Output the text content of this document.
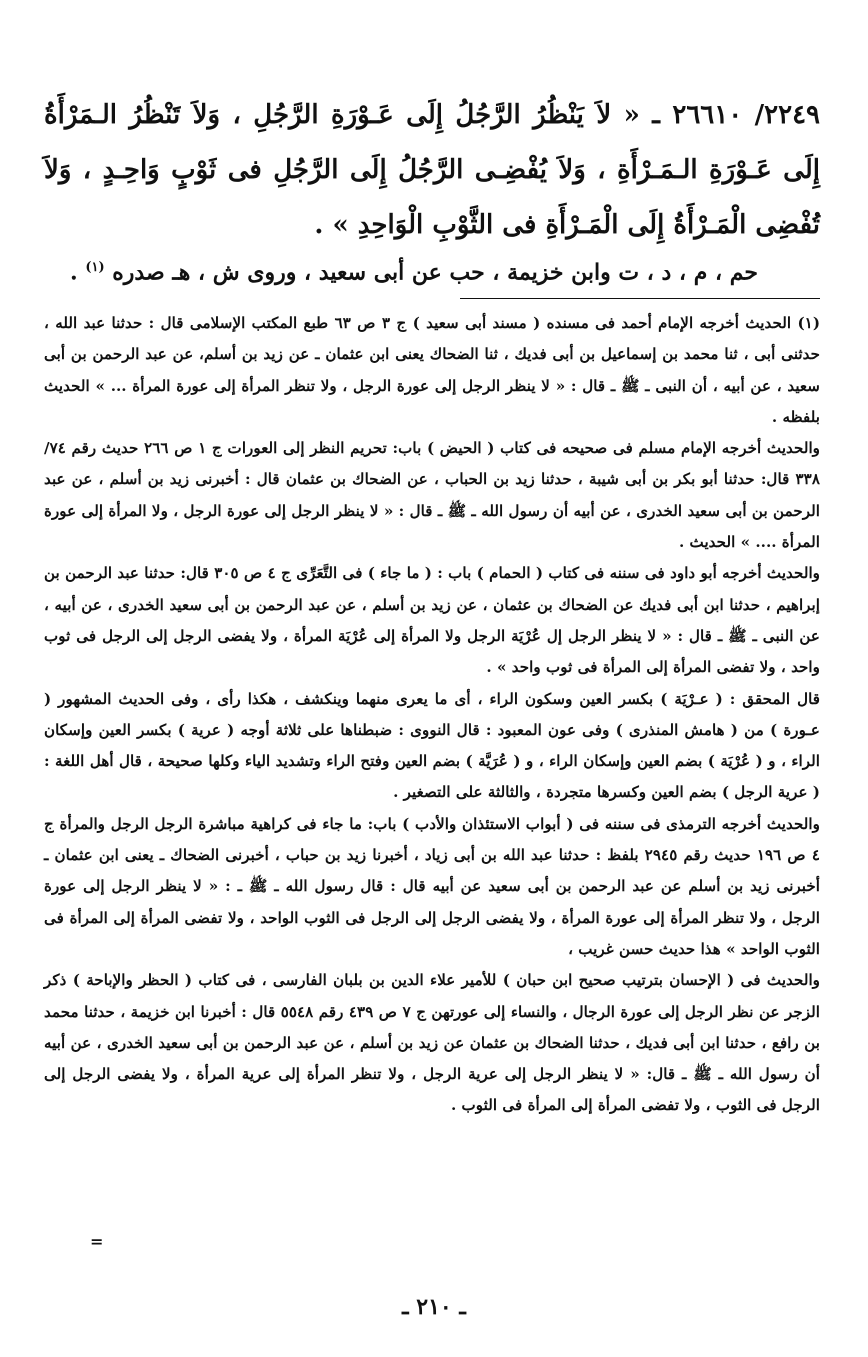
٢٢٤٩/ ٢٦٦١٠ ـ « لاَ يَنْظُرُ الرَّجُلُ إِلَى عَـوْرَةِ الرَّجُلِ ، وَلاَ تَنْظُرُ الـمَرْأَةُ إِلَى عَـوْرَةِ الـمَـرْأَةِ ، وَلاَ يُفْضِـى الرَّجُلُ إِلَى الرَّجُلِ فى ثَوْبٍ وَاحِـدٍ ، وَلاَ تُفْضِى الْمَـرْأَةُ إِلَى الْمَـرْأَةِ فى الثَّوْبِ الْوَاحِدِ » .
حم ، م ، د ، ت وابن خزيمة ، حب عن أبى سعيد ، وروى ش ، هـ صدره $^{(١)}$ .

(١) الحديث أخرجه الإمام أحمد فى مسنده ( مسند أبى سعيد ) ج ٣ ص ٦٣ طبع المكتب الإسلامى قال : حدثنا عبد الله ، حدثنى أبى ، ثنا محمد بن إسماعيل بن أبى فديك ، ثنا الضحاك يعنى ابن عثمان ـ عن زيد بن أسلم، عن عبد الرحمن بن أبى سعيد ، عن أبيه ، أن النبى ـ ﷺ ـ قال : « لا ينظر الرجل إلى عورة الرجل ، ولا تنظر المرأة إلى عورة المرأة ... » الحديث بلفظه .

والحديث أخرجه الإمام مسلم فى صحيحه فى كتاب ( الحيض ) باب: تحريم النظر إلى العورات ج ١ ص ٢٦٦ حديث رقم ٧٤/ ٣٣٨ قال: حدثنا أبو بكر بن أبى شيبة ، حدثنا زيد بن الحباب ، عن الضحاك بن عثمان قال : أخبرنى زيد بن أسلم ، عن عبد الرحمن بن أبى سعيد الخدرى ، عن أبيه أن رسول الله ـ ﷺ ـ قال : « لا ينظر الرجل إلى عورة الرجل ، ولا المرأة إلى عورة المرأة .... » الحديث .

والحديث أخرجه أبو داود فى سننه فى كتاب ( الحمام ) باب : ( ما جاء ) فى التَّعَرِّى ج ٤ ص ٣٠٥ قال: حدثنا عبد الرحمن بن إبراهيم ، حدثنا ابن أبى فديك عن الضحاك بن عثمان ، عن زيد بن أسلم ، عن عبد الرحمن بن أبى سعيد الخدرى ، عن أبيه ، عن النبى ـ ﷺ ـ قال : « لا ينظر الرجل إل عُرْيَة الرجل ولا المرأة إلى عُرْيَة المرأة ، ولا يفضى الرجل إلى الرجل فى ثوب واحد ، ولا تفضى المرأة إلى المرأة فى ثوب واحد » .

قال المحقق : ( عـرْيَة ) بكسر العين وسكون الراء ، أى ما يعرى منهما وينكشف ، هكذا رأى ، وفى الحديث المشهور ( عـورة ) من ( هامش المنذرى ) وفى عون المعبود : قال النووى : ضبطناها على ثلاثة أوجه ( عرية ) بكسر العين وإسكان الراء ، و ( عُرْيَة ) بضم العين وإسكان الراء ، و ( عُرَيَّة ) بضم العين وفتح الراء وتشديد الياء وكلها صحيحة ، قال أهل اللغة : ( عرية الرجل ) بضم العين وكسرها متجردة ، والثالثة على التصغير .

والحديث أخرجه الترمذى فى سننه فى ( أبواب الاستئذان والأدب ) باب: ما جاء فى كراهية مباشرة الرجل الرجل والمرأة ج ٤ ص ١٩٦ حديث رقم ٢٩٤٥ بلفظ : حدثنا عبد الله بن أبى زياد ، أخبرنا زيد بن حباب ، أخبرنى الضحاك ـ يعنى ابن عثمان ـ أخبرنى زيد بن أسلم عن عبد الرحمن بن أبى سعيد عن أبيه قال : قال رسول الله ـ ﷺ ـ : « لا ينظر الرجل إلى عورة الرجل ، ولا تنظر المرأة إلى عورة المرأة ، ولا يفضى الرجل إلى الرجل فى الثوب الواحد ، ولا تفضى المرأة إلى المرأة فى الثوب الواحد » هذا حديث حسن غريب ،

والحديث فى ( الإحسان بترتيب صحيح ابن حبان ) للأمير علاء الدين بن بلبان الفارسى ، فى كتاب ( الحظر والإباحة ) ذكر الزجر عن نظر الرجل إلى عورة الرجال ، والنساء إلى عورتهن ج ٧ ص ٤٣٩ رقم ٥٥٤٨ قال : أخبرنا ابن خزيمة ، حدثنا محمد بن رافع ، حدثنا ابن أبى فديك ، حدثنا الضحاك بن عثمان عن زيد بن أسلم ، عن عبد الرحمن بن أبى سعيد الخدرى ، عن أبيه أن رسول الله ـ ﷺ ـ قال: « لا ينظر الرجل إلى عرية الرجل ، ولا تنظر المرأة إلى عرية المرأة ، ولا يفضى الرجل إلى الرجل فى الثوب ، ولا تفضى المرأة إلى المرأة فى الثوب .

=
ـ ٢١٠ ـ
